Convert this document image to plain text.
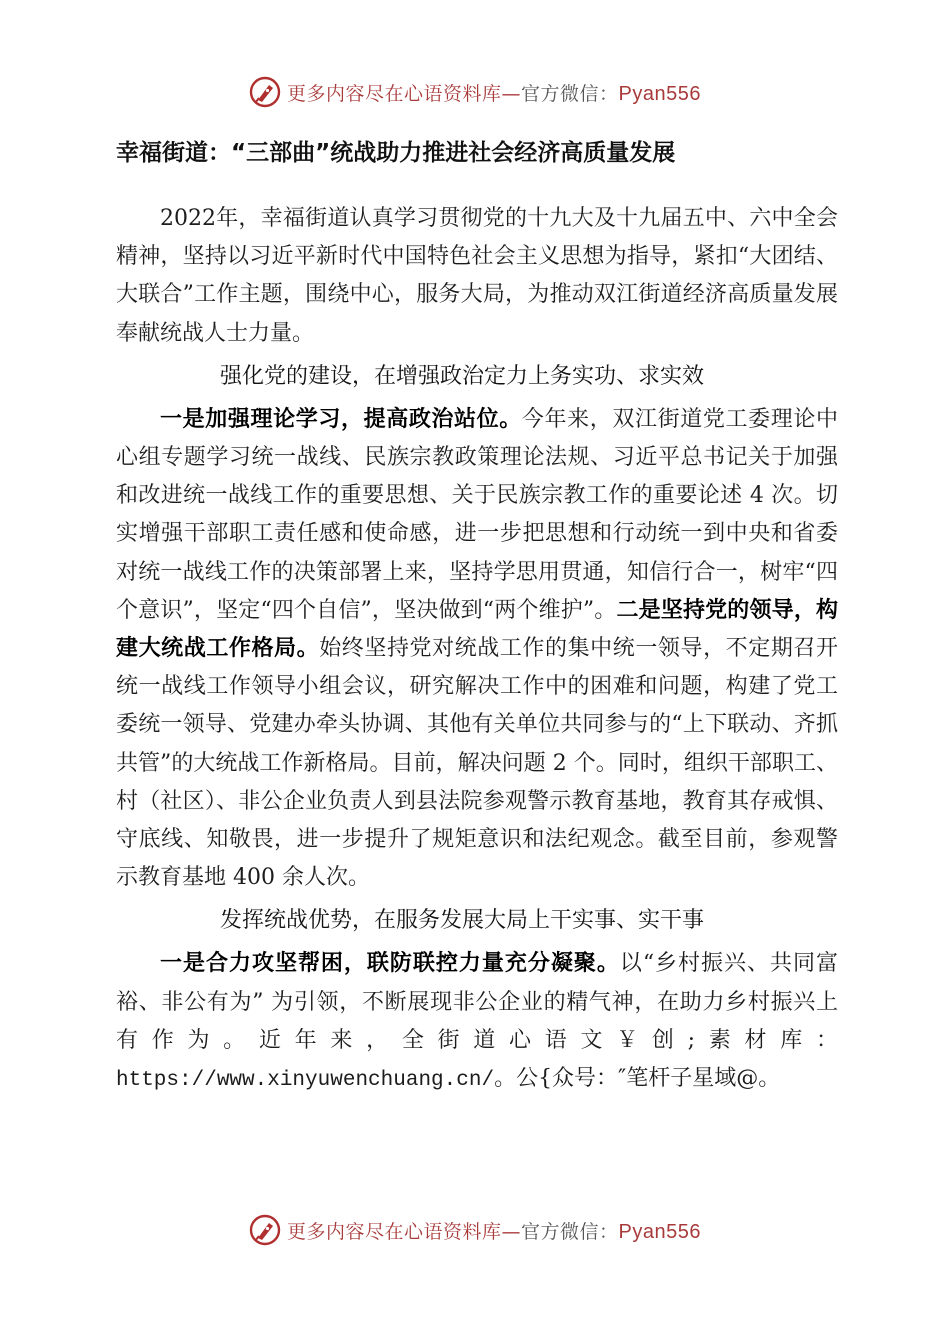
更多内容尽在心语资料库—官方微信：Pyan556
幸福街道：“三部曲”统战助力推进社会经济高质量发展

2022年，幸福街道认真学习贯彻党的十九大及十九届五中、六中全会精神，坚持以习近平新时代中国特色社会主义思想为指导，紧扣“大团结、大联合”工作主题，围绕中心，服务大局，为推动双江街道经济高质量发展奉献统战人士力量。

强化党的建设，在增强政治定力上务实功、求实效

一是加强理论学习，提高政治站位。今年来，双江街道党工委理论中心组专题学习统一战线、民族宗教政策理论法规、习近平总书记关于加强和改进统一战线工作的重要思想、关于民族宗教工作的重要论述 4 次。切实增强干部职工责任感和使命感，进一步把思想和行动统一到中央和省委对统一战线工作的决策部署上来，坚持学思用贯通，知信行合一，树牢“四个意识”，坚定“四个自信”，坚决做到“两个维护”。二是坚持党的领导，构建大统战工作格局。始终坚持党对统战工作的集中统一领导，不定期召开统一战线工作领导小组会议，研究解决工作中的困难和问题，构建了党工委统一领导、党建办牵头协调、其他有关单位共同参与的“上下联动、齐抓共管”的大统战工作新格局。目前，解决问题 2 个。同时，组织干部职工、村（社区）、非公企业负责人到县法院参观警示教育基地，教育其存戒惧、守底线、知敬畏，进一步提升了规矩意识和法纪观念。截至目前，参观警示教育基地 400 余人次。

发挥统战优势，在服务发展大局上干实事、实干事

一是合力攻坚帮困，联防联控力量充分凝聚。以“乡村振兴、共同富裕、非公有为” 为引领，不断展现非公企业的精气神，在助力乡村振兴上有作为。近年来，全街道心语文￥创;素材库：https://www.xinyuwenchuang.cn/。公{众号：″笔杆子星域@。

更多内容尽在心语资料库—官方微信：Pyan556
